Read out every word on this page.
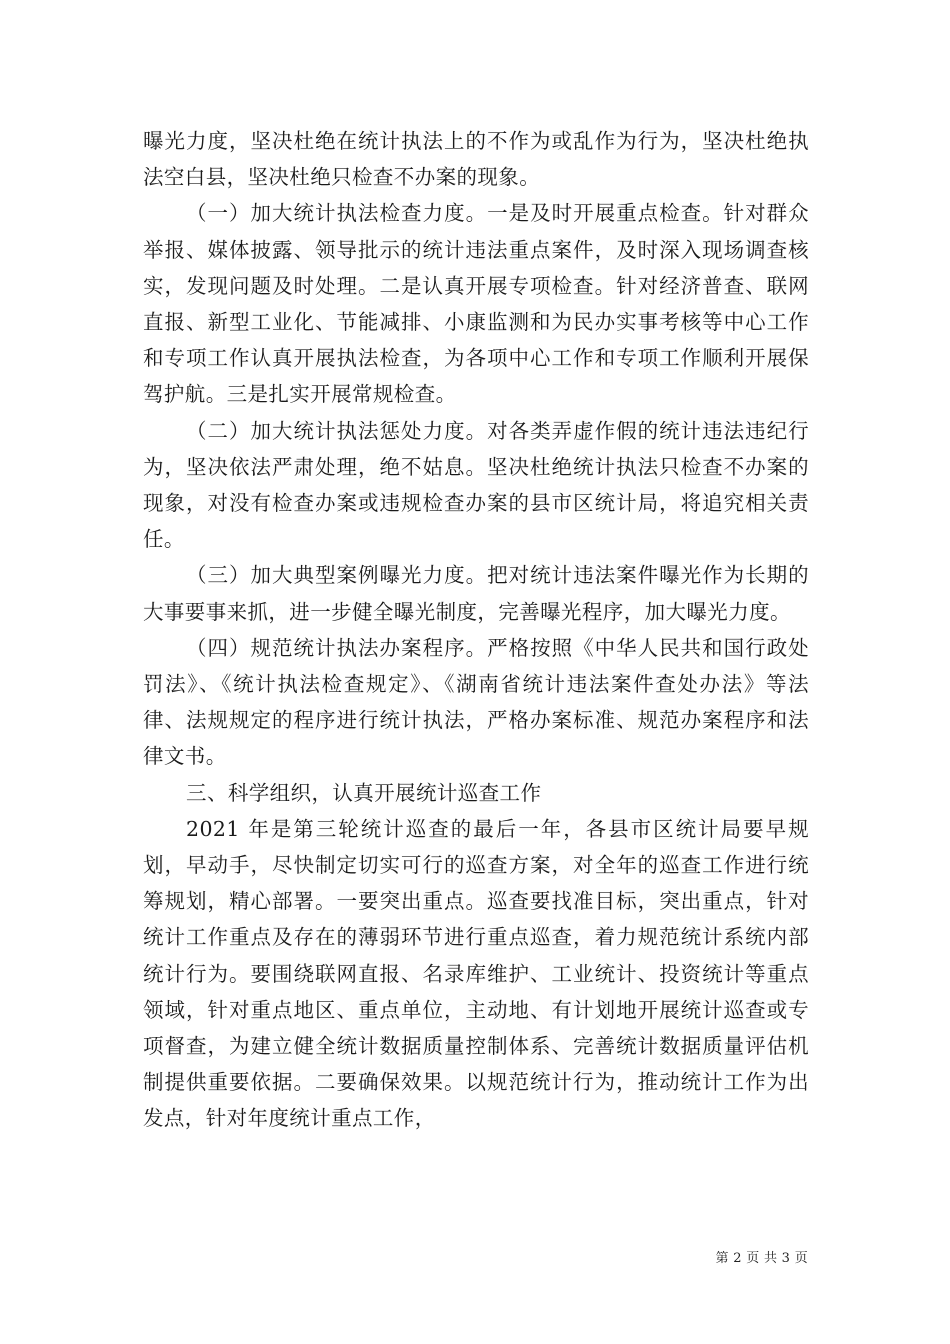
曝光力度，坚决杜绝在统计执法上的不作为或乱作为行为，坚决杜绝执法空白县，坚决杜绝只检查不办案的现象。

（一）加大统计执法检查力度。一是及时开展重点检查。针对群众举报、媒体披露、领导批示的统计违法重点案件，及时深入现场调查核实，发现问题及时处理。二是认真开展专项检查。针对经济普查、联网直报、新型工业化、节能减排、小康监测和为民办实事考核等中心工作和专项工作认真开展执法检查，为各项中心工作和专项工作顺利开展保驾护航。三是扎实开展常规检查。

（二）加大统计执法惩处力度。对各类弄虚作假的统计违法违纪行为，坚决依法严肃处理，绝不姑息。坚决杜绝统计执法只检查不办案的现象，对没有检查办案或违规检查办案的县市区统计局，将追究相关责任。

（三）加大典型案例曝光力度。把对统计违法案件曝光作为长期的大事要事来抓，进一步健全曝光制度，完善曝光程序，加大曝光力度。

（四）规范统计执法办案程序。严格按照《中华人民共和国行政处罚法》、《统计执法检查规定》、《湖南省统计违法案件查处办法》等法律、法规规定的程序进行统计执法，严格办案标准、规范办案程序和法律文书。

三、科学组织，认真开展统计巡查工作

2021 年是第三轮统计巡查的最后一年，各县市区统计局要早规划，早动手，尽快制定切实可行的巡查方案，对全年的巡查工作进行统筹规划，精心部署。一要突出重点。巡查要找准目标，突出重点，针对统计工作重点及存在的薄弱环节进行重点巡查，着力规范统计系统内部统计行为。要围绕联网直报、名录库维护、工业统计、投资统计等重点领域，针对重点地区、重点单位，主动地、有计划地开展统计巡查或专项督查，为建立健全统计数据质量控制体系、完善统计数据质量评估机制提供重要依据。二要确保效果。以规范统计行为，推动统计工作为出发点，针对年度统计重点工作，

第 2 页 共 3 页
